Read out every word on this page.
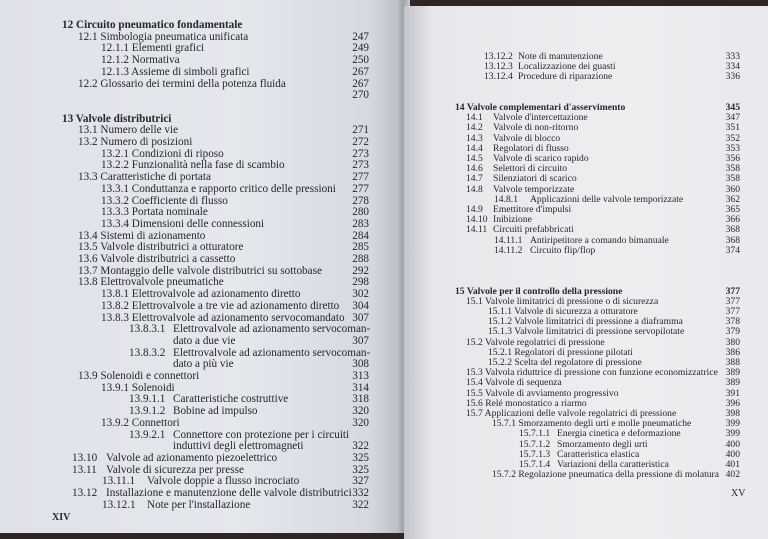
12 Circuito pneumatico fondamentale
12.1 Simbologia pneumatica unificata	247
12.1.1 Elementi grafici	249
12.1.2 Normativa	250
12.1.3 Assieme di simboli grafici	267
12.2 Glossario dei termini della potenza fluida	267
270
13 Valvole distributrici
13.1 Numero delle vie	271
13.2 Numero di posizioni	272
13.2.1 Condizioni di riposo	273
13.2.2 Funzionalità nella fase di scambio	273
13.3 Caratteristiche di portata	277
13.3.1 Conduttanza e rapporto critico delle pressioni	277
13.3.2 Coefficiente di flusso	278
13.3.3 Portata nominale	280
13.3.4 Dimensioni delle connessioni	283
13.4 Sistemi di azionamento	284
13.5 Valvole distributrici a otturatore	285
13.6 Valvole distributrici a cassetto	288
13.7 Montaggio delle valvole distributrici su sottobase	292
13.8 Elettrovalvole pneumatiche	298
13.8.1 Elettrovalvole ad azionamento diretto	302
13.8.2 Elettrovalvole a tre vie ad azionamento diretto	304
13.8.3 Elettrovalvole ad azionamento servocomandato 307
13.8.3.1 Elettrovalvole ad azionamento servocoman-
dato a due vie	307
13.8.3.2 Elettrovalvole ad azionamento servocoman-
dato a più vie	308
13.9 Solenoidi e connettori	313
13.9.1 Solenoidi	314
13.9.1.1 Caratteristiche costruttive	318
13.9.1.2 Bobine ad impulso	320
13.9.2 Connettori	320
13.9.2.1 Connettore con protezione per i circuiti
induttivi degli elettromagneti	322
13.10 Valvole ad azionamento piezoelettrico	325
13.11 Valvole di sicurezza per presse	325
13.11.1 Valvole doppie a flusso incrociato	327
13.12 Installazione e manutenzione delle valvole distributrici 332
13.12.1 Note per l'installazione	322
XIV
13.12.2 Note di manutenzione	333
13.12.3 Localizzazione dei guasti	334
13.12.4 Procedure di riparazione	336
14 Valvole complementari d'asservimento	345
14.1 Valvole d'intercettazione	347
14.2 Valvole di non-ritorno	351
14.3 Valvole di blocco	352
14.4 Regolatori di flusso	353
14.5 Valvole di scarico rapido	356
14.6 Selettori di circuito	358
14.7 Silenziatori di scarico	358
14.8 Valvole temporizzate	360
14.8.1 Applicazioni delle valvole temporizzate	362
14.9 Emettitore d'impulsi	365
14.10 Inibizione	366
14.11 Circuiti prefabbricati	368
14.11.1 Antiripetitore a comando bimanuale	368
14.11.2 Circuito flip/flop	374
15 Valvole per il controllo della pressione	377
15.1 Valvole limitatrici di pressione o di sicurezza	377
15.1.1 Valvole di sicurezza a otturatore	377
15.1.2 Valvole limitatrici di pressione a diaframma	378
15.1.3 Valvole limitatrici di pressione servopilotate	379
15.2 Valvole regolatrici di pressione	380
15.2.1 Regolatori di pressione pilotati	386
15.2.2 Scelta del regolatore di pressione	388
15.3 Valvola riduttrice di pressione con funzione economizzatrice 389
15.4 Valvole di sequenza	389
15.5 Valvole di avviamento progressivo	391
15.6 Relé monostatico a riarmo	396
15.7 Applicazioni delle valvole regolatrici di pressione	398
15.7.1 Smorzamento degli urti e molle pneumatiche	399
15.7.1.1 Energia cinetica e deformazione	399
15.7.1.2 Smorzamento degli urti	400
15.7.1.3 Caratteristica elastica	400
15.7.1.4 Variazioni della caratteristica	401
15.7.2 Regolazione pneumatica della pressione di molatura 402
XV
